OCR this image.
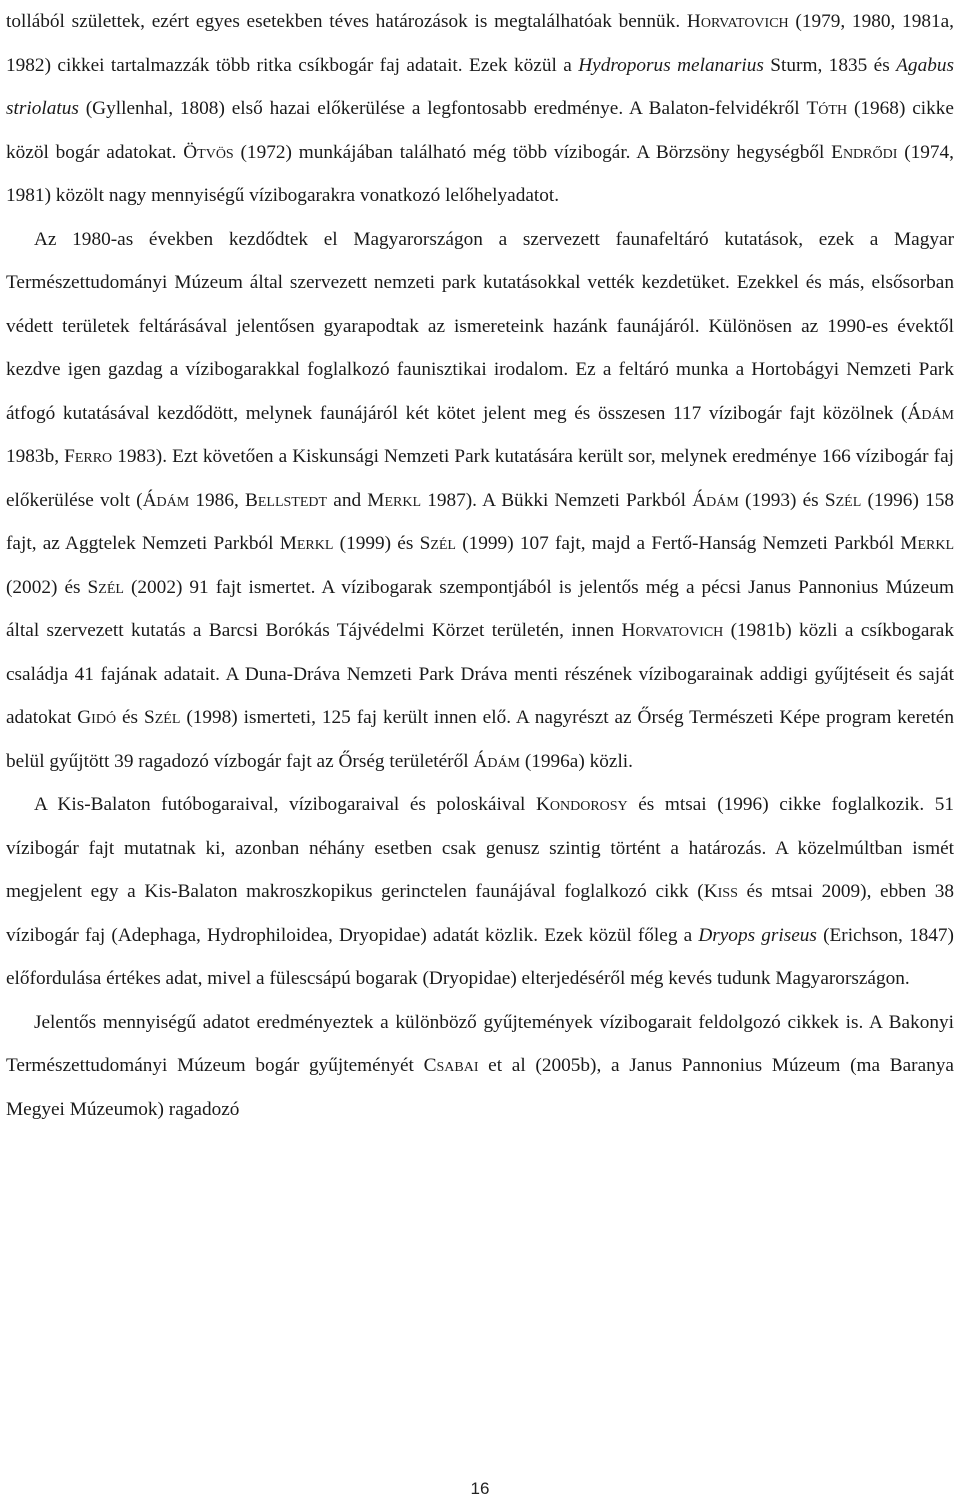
tollából születtek, ezért egyes esetekben téves határozások is megtalálhatóak bennük. Horvatovich (1979, 1980, 1981a, 1982) cikkei tartalmazzák több ritka csíkbogár faj adatait. Ezek közül a Hydroporus melanarius Sturm, 1835 és Agabus striolatus (Gyllenhal, 1808) első hazai előkerülése a legfontosabb eredménye. A Balaton-felvidékről Tóth (1968) cikke közöl bogár adatokat. Ötvös (1972) munkájában található még több vízibogár. A Börzsöny hegységből Endrődi (1974, 1981) közölt nagy mennyiségű vízibogarakra vonatkozó lelőhelyadatot.

Az 1980-as években kezdődtek el Magyarországon a szervezett faunafeltáró kutatások, ezek a Magyar Természettudományi Múzeum által szervezett nemzeti park kutatásokkal vették kezdetüket. Ezekkel és más, elsősorban védett területek feltárásával jelentősen gyarapodtak az ismereteink hazánk faunájáról. Különösen az 1990-es évektől kezdve igen gazdag a vízibogarakkal foglalkozó faunisztikai irodalom. Ez a feltáró munka a Hortobágyi Nemzeti Park átfogó kutatásával kezdődött, melynek faunájáról két kötet jelent meg és összesen 117 vízibogár fajt közölnek (Ádám 1983b, Ferro 1983). Ezt követően a Kiskunsági Nemzeti Park kutatására került sor, melynek eredménye 166 vízibogár faj előkerülése volt (Ádám 1986, Bellstedt and Merkl 1987). A Bükki Nemzeti Parkból Ádám (1993) és Szél (1996) 158 fajt, az Aggtelek Nemzeti Parkból Merkl (1999) és Szél (1999) 107 fajt, majd a Fertő-Hanság Nemzeti Parkból Merkl (2002) és Szél (2002) 91 fajt ismertet. A vízibogarak szempontjából is jelentős még a pécsi Janus Pannonius Múzeum által szervezett kutatás a Barcsi Borókás Tájvédelmi Körzet területén, innen Horvatovich (1981b) közli a csíkbogarak családja 41 fajának adatait. A Duna-Dráva Nemzeti Park Dráva menti részének vízibogarainak addigi gyűjtéseit és saját adatokat Gidó és Szél (1998) ismerteti, 125 faj került innen elő. A nagyrészt az Őrség Természeti Képe program keretén belül gyűjtött 39 ragadozó vízbogár fajt az Őrség területéről Ádám (1996a) közli.

A Kis-Balaton futóbogaraival, vízibogaraival és poloskáival Kondorosy és mtsai (1996) cikke foglalkozik. 51 vízibogár fajt mutatnak ki, azonban néhány esetben csak genusz szintig történt a határozás. A közelmúltban ismét megjelent egy a Kis-Balaton makroszkopikus gerinctelen faunájával foglalkozó cikk (Kiss és mtsai 2009), ebben 38 vízibogár faj (Adephaga, Hydrophiloidea, Dryopidae) adatát közlik. Ezek közül főleg a Dryops griseus (Erichson, 1847) előfordulása értékes adat, mivel a fülescsápú bogarak (Dryopidae) elterjedéséről még kevés tudunk Magyarországon.

Jelentős mennyiségű adatot eredményeztek a különböző gyűjtemények vízibogarait feldolgozó cikkek is. A Bakonyi Természettudományi Múzeum bogár gyűjteményét Csabai et al (2005b), a Janus Pannonius Múzeum (ma Baranya Megyei Múzeumok) ragadozó

16
